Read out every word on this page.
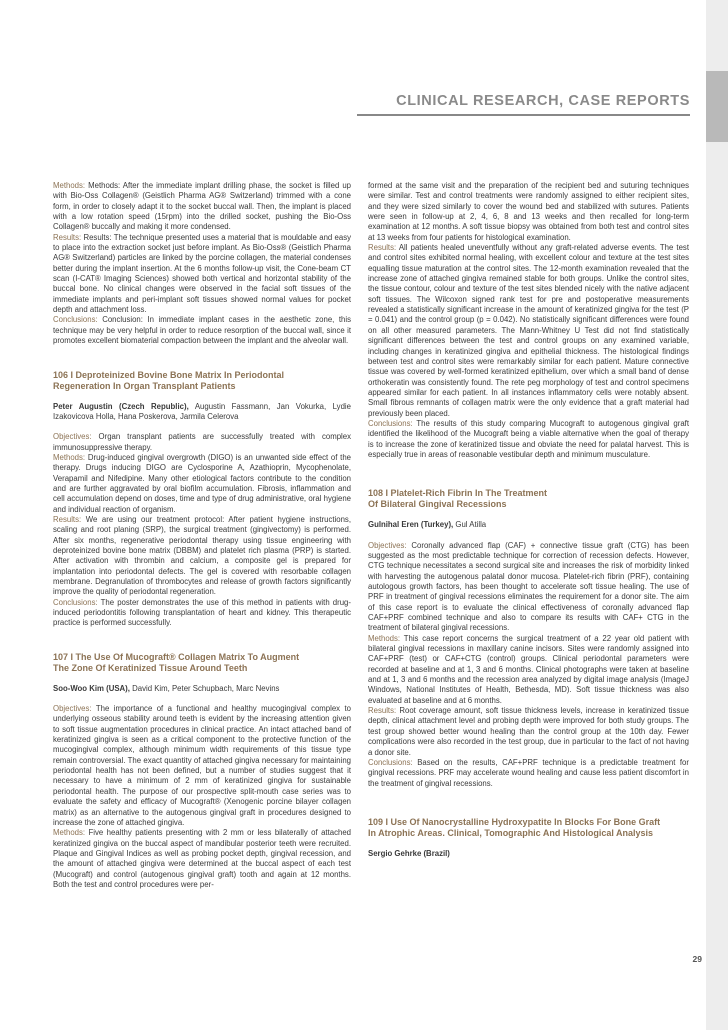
CLINICAL RESEARCH, CASE REPORTS

Methods: Methods: After the immediate implant drilling phase, the socket is filled up with Bio-Oss Collagen® (Geistlich Pharma AG® Switzerland) trimmed with a cone form, in order to closely adapt it to the socket buccal wall. Then, the implant is placed with a low rotation speed (15rpm) into the drilled socket, pushing the Bio-Oss Collagen® buccally and making it more condensed.

Results: Results: The technique presented uses a material that is mouldable and easy to place into the extraction socket just before implant. As Bio-Oss® (Geistlich Pharma AG® Switzerland) particles are linked by the porcine collagen, the material condenses better during the implant insertion. At the 6 months follow-up visit, the Cone-beam CT scan (I-CAT® Imaging Sciences) showed both vertical and horizontal stability of the buccal bone. No clinical changes were observed in the facial soft tissues of the immediate implants and peri-implant soft tissues showed normal values for pocket depth and attachment loss.

Conclusions: Conclusion: In immediate implant cases in the aesthetic zone, this technique may be very helpful in order to reduce resorption of the buccal wall, since it promotes excellent biomaterial compaction between the implant and the alveolar wall.

106 I Deproteinized Bovine Bone Matrix In Periodontal
Regeneration In Organ Transplant Patients

Peter Augustin (Czech Republic), Augustin Fassmann, Jan Vokurka, Lydie Izakovicova Holla, Hana Poskerova, Jarmila Celerova

Objectives: Organ transplant patients are successfully treated with complex immunosuppressive therapy.

Methods: Drug-induced gingival overgrowth (DIGO) is an unwanted side effect of the therapy. Drugs inducing DIGO are Cyclosporine A, Azathioprin, Mycophenolate, Verapamil and Nifedipine. Many other etiological factors contribute to the condition and are further aggravated by oral biofilm accumulation. Fibrosis, inflammation and cell accumulation depend on doses, time and type of drug administrative, oral hygiene and individual reaction of organism.

Results: We are using our treatment protocol: After patient hygiene instructions, scaling and root planing (SRP), the surgical treatment (gingivectomy) is performed. After six months, regenerative periodontal therapy using tissue engineering with deproteinized bovine bone matrix (DBBM) and platelet rich plasma (PRP) is started. After activation with thrombin and calcium, a composite gel is prepared for implantation into periodontal defects. The gel is covered with resorbable collagen membrane. Degranulation of thrombocytes and release of growth factors significantly improve the quality of periodontal regeneration.

Conclusions: The poster demonstrates the use of this method in patients with drug-induced periodontitis following transplantation of heart and kidney. This therapeutic practice is performed successfully.

107 I The Use Of Mucograft® Collagen Matrix To Augment
The Zone Of Keratinized Tissue Around Teeth

Soo-Woo Kim (USA), David Kim, Peter Schupbach, Marc Nevins

Objectives: The importance of a functional and healthy mucogingival complex to underlying osseous stability around teeth is evident by the increasing attention given to soft tissue augmentation procedures in clinical practice. An intact attached band of keratinized gingiva is seen as a critical component to the protective function of the mucogingival complex, although minimum width requirements of this tissue type remain controversial. The exact quantity of attached gingiva necessary for maintaining periodontal health has not been defined, but a number of studies suggest that it necessary to have a minimum of 2 mm of keratinized gingiva for sustainable periodontal health. The purpose of our prospective split-mouth case series was to evaluate the safety and efficacy of Mucograft® (Xenogenic porcine bilayer collagen matrix) as an alternative to the autogenous gingival graft in procedures designed to increase the zone of attached gingiva.

Methods: Five healthy patients presenting with 2 mm or less bilaterally of attached keratinized gingiva on the buccal aspect of mandibular posterior teeth were recruited. Plaque and Gingival Indices as well as probing pocket depth, gingival recession, and the amount of attached gingiva were determined at the buccal aspect of each test (Mucograft) and control (autogenous gingival graft) tooth and again at 12 months. Both the test and control procedures were per-

formed at the same visit and the preparation of the recipient bed and suturing techniques were similar. Test and control treatments were randomly assigned to either recipient sites, and they were sized similarly to cover the wound bed and stabilized with sutures. Patients were seen in follow-up at 2, 4, 6, 8 and 13 weeks and then recalled for long-term examination at 12 months. A soft tissue biopsy was obtained from both test and control sites at 13 weeks from four patients for histological examination.

Results: All patients healed uneventfully without any graft-related adverse events. The test and control sites exhibited normal healing, with excellent colour and texture at the test sites equalling tissue maturation at the control sites. The 12-month examination revealed that the increase zone of attached gingiva remained stable for both groups. Unlike the control sites, the tissue contour, colour and texture of the test sites blended nicely with the native adjacent soft tissues. The Wilcoxon signed rank test for pre and postoperative measurements revealed a statistically significant increase in the amount of keratinized gingiva for the test (P = 0.041) and the control group (p = 0.042). No statistically significant differences were found on all other measured parameters. The Mann-Whitney U Test did not find statistically significant differences between the test and control groups on any examined variable, including changes in keratinized gingiva and epithelial thickness. The histological findings between test and control sites were remarkably similar for each patient. Mature connective tissue was covered by well-formed keratinized epithelium, over which a small band of dense orthokeratin was consistently found. The rete peg morphology of test and control specimens appeared similar for each patient. In all instances inflammatory cells were notably absent. Small fibrous remnants of collagen matrix were the only evidence that a graft material had previously been placed.

Conclusions: The results of this study comparing Mucograft to autogenous gingival graft identified the likelihood of the Mucograft being a viable alternative when the goal of therapy is to increase the zone of keratinized tissue and obviate the need for palatal harvest. This is especially true in areas of reasonable vestibular depth and minimum musculature.

108 I Platelet-Rich Fibrin In The Treatment
Of Bilateral Gingival Recessions

Gulnihal Eren (Turkey), Gul Atilla

Objectives: Coronally advanced flap (CAF) + connective tissue graft (CTG) has been suggested as the most predictable technique for correction of recession defects. However, CTG technique necessitates a second surgical site and increases the risk of morbidity linked with harvesting the autogenous palatal donor mucosa. Platelet-rich fibrin (PRF), containing autologous growth factors, has been thought to accelerate soft tissue healing. The use of PRF in treatment of gingival recessions eliminates the requirement for a donor site. The aim of this case report is to evaluate the clinical effectiveness of coronally advanced flap CAF+PRF combined technique and also to compare its results with CAF+ CTG in the treatment of bilateral gingival recessions.

Methods: This case report concerns the surgical treatment of a 22 year old patient with bilateral gingival recessions in maxillary canine incisors. Sites were randomly assigned into CAF+PRF (test) or CAF+CTG (control) groups. Clinical periodontal parameters were recorded at baseline and at 1, 3 and 6 months. Clinical photographs were taken at baseline and at 1, 3 and 6 months and the recession area analyzed by digital image analysis (ImageJ Windows, National Institutes of Health, Bethesda, MD). Soft tissue thickness was also evaluated at baseline and at 6 months.

Results: Root coverage amount, soft tissue thickness levels, increase in keratinized tissue depth, clinical attachment level and probing depth were improved for both study groups. The test group showed better wound healing than the control group at the 10th day. Fewer complications were also recorded in the test group, due in particular to the fact of not having a donor site.

Conclusions: Based on the results, CAF+PRF technique is a predictable treatment for gingival recessions. PRF may accelerate wound healing and cause less patient discomfort in the treatment of gingival recessions.

109 I Use Of Nanocrystalline Hydroxypatite In Blocks For Bone Graft
In Atrophic Areas. Clinical, Tomographic And Histological Analysis

Sergio Gehrke (Brazil)

29
